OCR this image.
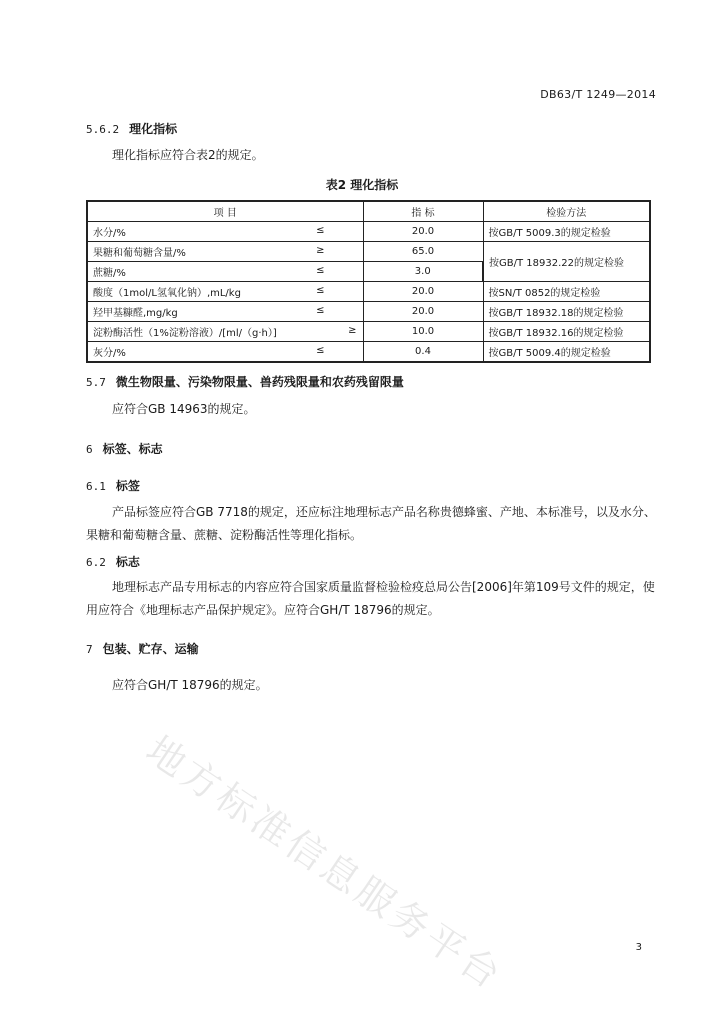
DB63/T 1249—2014
5.6.2 理化指标
理化指标应符合表2的规定。
表2 理化指标
项 目	指 标	检验方法
水分/% ≤	20.0	按GB/T 5009.3的规定检验
果糖和葡萄糖含量/% ≥	65.0	按GB/T 18932.22的规定检验
蔗糖/% ≤	3.0	
酸度（1mol/L氢氧化钠）,mL/kg ≤	20.0	按SN/T 0852的规定检验
羟甲基糠醛,mg/kg ≤	20.0	按GB/T 18932.18的规定检验
淀粉酶活性（1%淀粉溶液）/[ml/（g·h）] ≥	10.0	按GB/T 18932.16的规定检验
灰分/% ≤	0.4	按GB/T 5009.4的规定检验
5.7 微生物限量、污染物限量、兽药残限量和农药残留限量
应符合GB 14963的规定。
6 标签、标志
6.1 标签
产品标签应符合GB 7718的规定，还应标注地理标志产品名称贵德蜂蜜、产地、本标准号，以及水分、果糖和葡萄糖含量、蔗糖、淀粉酶活性等理化指标。
6.2 标志
地理标志产品专用标志的内容应符合国家质量监督检验检疫总局公告[2006]年第109号文件的规定，使用应符合《地理标志产品保护规定》。应符合GH/T 18796的规定。
7 包装、贮存、运输
应符合GH/T 18796的规定。
地方标准信息服务平台	3
